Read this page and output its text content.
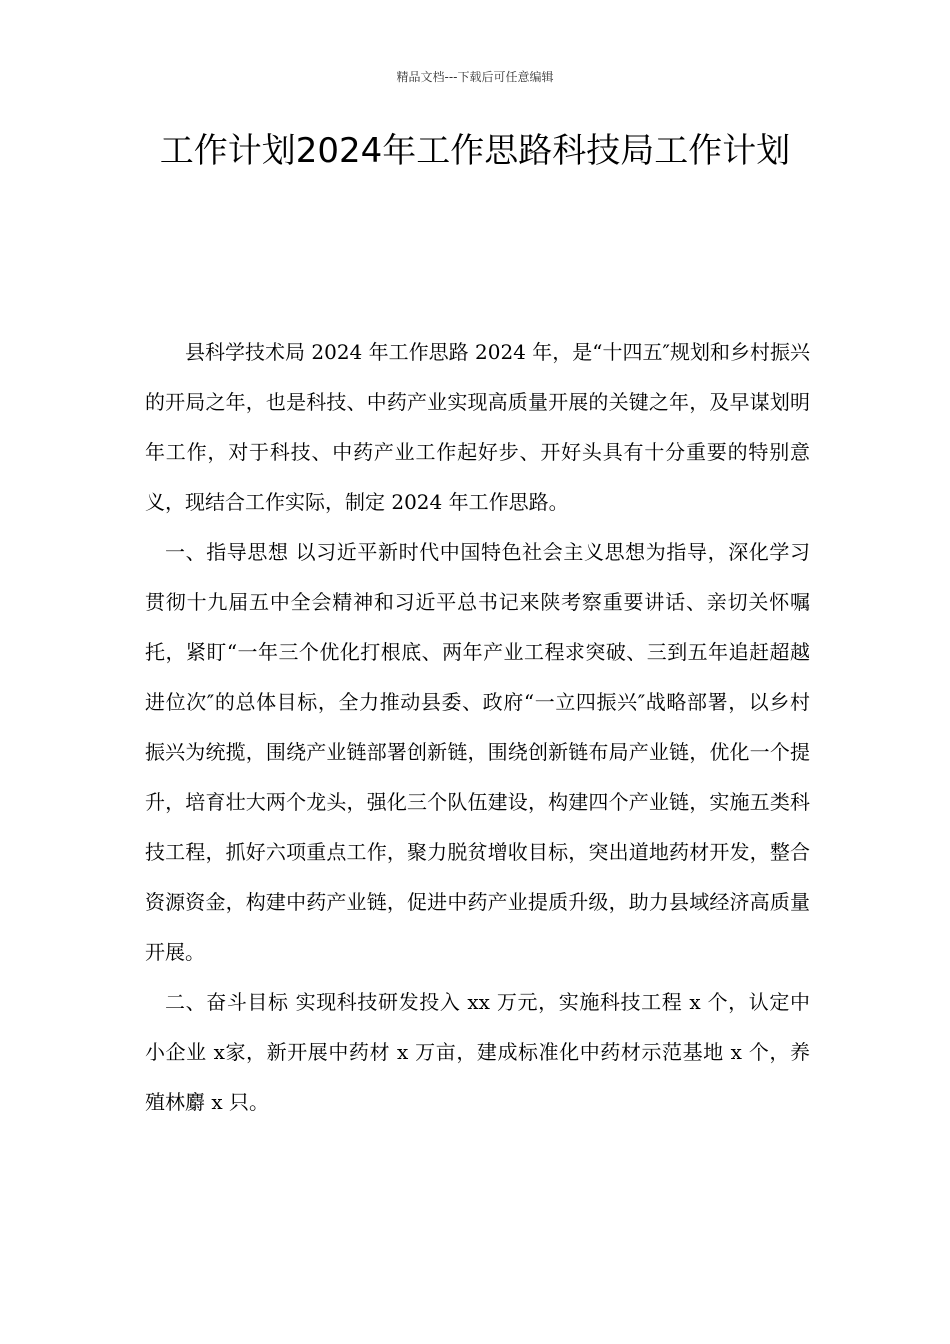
精品文档---下载后可任意编辑
工作计划2024年工作思路科技局工作计划

县科学技术局 2024 年工作思路 2024 年，是“十四五″规划和乡村振兴的开局之年，也是科技、中药产业实现高质量开展的关键之年，及早谋划明年工作，对于科技、中药产业工作起好步、开好头具有十分重要的特别意义，现结合工作实际，制定 2024 年工作思路。

一、指导思想 以习近平新时代中国特色社会主义思想为指导，深化学习贯彻十九届五中全会精神和习近平总书记来陕考察重要讲话、亲切关怀嘱托，紧盯“一年三个优化打根底、两年产业工程求突破、三到五年追赶超越进位次″的总体目标，全力推动县委、政府“一立四振兴″战略部署，以乡村振兴为统揽，围绕产业链部署创新链，围绕创新链布局产业链，优化一个提升，培育壮大两个龙头，强化三个队伍建设，构建四个产业链，实施五类科技工程，抓好六项重点工作，聚力脱贫增收目标，突出道地药材开发，整合资源资金，构建中药产业链，促进中药产业提质升级，助力县域经济高质量开展。

二、奋斗目标 实现科技研发投入 xx 万元，实施科技工程 x 个，认定中小企业 x家，新开展中药材 x 万亩，建成标准化中药材示范基地 x 个，养殖林麝 x 只。
